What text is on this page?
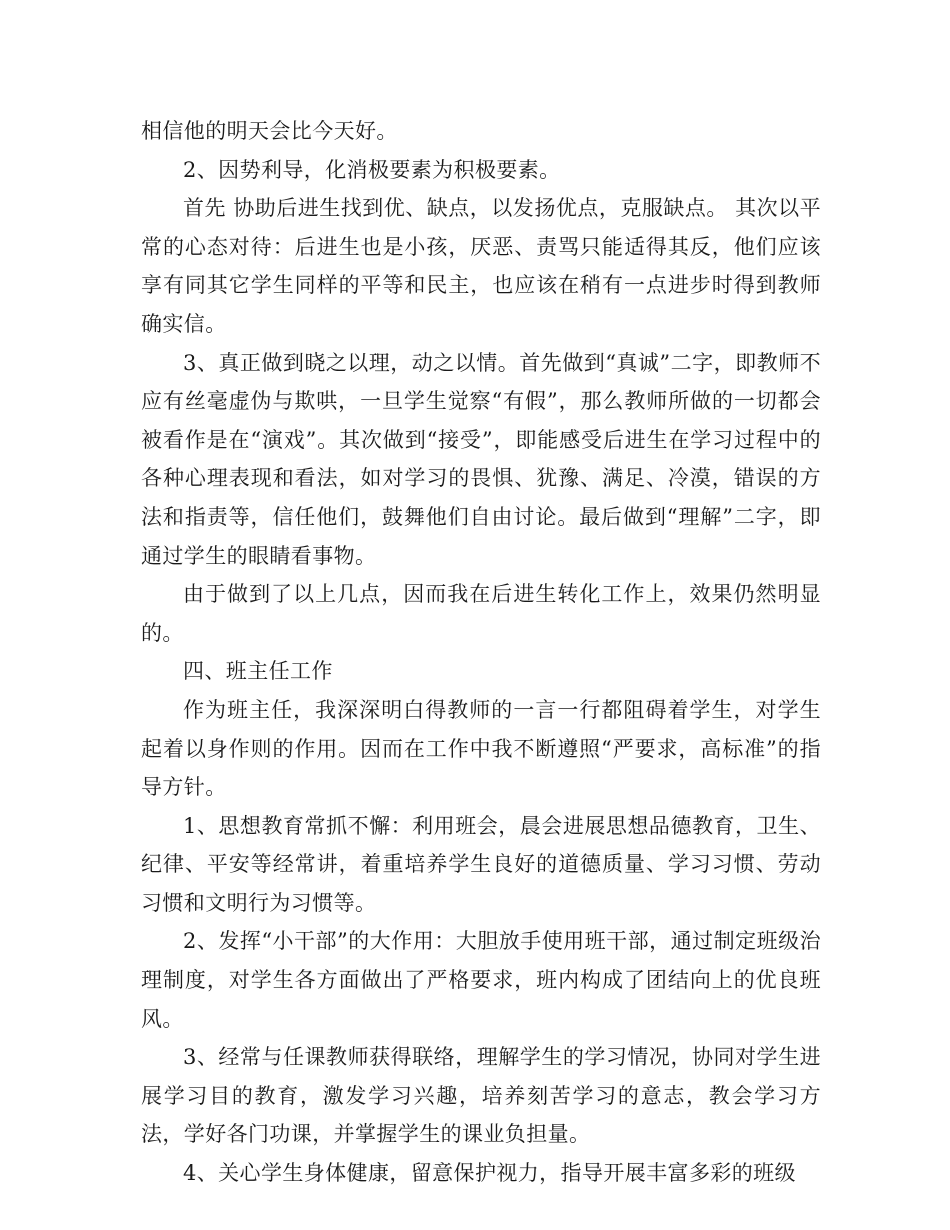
相信他的明天会比今天好。

2、因势利导，化消极要素为积极要素。

首先 协助后进生找到优、缺点，以发扬优点，克服缺点。 其次以平常的心态对待：后进生也是小孩，厌恶、责骂只能适得其反，他们应该享有同其它学生同样的平等和民主，也应该在稍有一点进步时得到教师确实信。

3、真正做到晓之以理，动之以情。首先做到“真诚”二字，即教师不应有丝毫虚伪与欺哄，一旦学生觉察“有假”，那么教师所做的一切都会被看作是在“演戏”。其次做到“接受”，即能感受后进生在学习过程中的各种心理表现和看法，如对学习的畏惧、犹豫、满足、冷漠，错误的方法和指责等，信任他们，鼓舞他们自由讨论。最后做到“理解”二字，即通过学生的眼睛看事物。

由于做到了以上几点，因而我在后进生转化工作上，效果仍然明显的。

四、班主任工作

作为班主任，我深深明白得教师的一言一行都阻碍着学生，对学生起着以身作则的作用。因而在工作中我不断遵照“严要求，高标准”的指导方针。

1、思想教育常抓不懈：利用班会，晨会进展思想品德教育，卫生、纪律、平安等经常讲，着重培养学生良好的道德质量、学习习惯、劳动习惯和文明行为习惯等。

2、发挥“小干部”的大作用：大胆放手使用班干部，通过制定班级治理制度，对学生各方面做出了严格要求，班内构成了团结向上的优良班风。

3、经常与任课教师获得联络，理解学生的学习情况，协同对学生进展学习目的教育，激发学习兴趣，培养刻苦学习的意志，教会学习方法，学好各门功课，并掌握学生的课业负担量。

4、关心学生身体健康，留意保护视力，指导开展丰富多彩的班级
